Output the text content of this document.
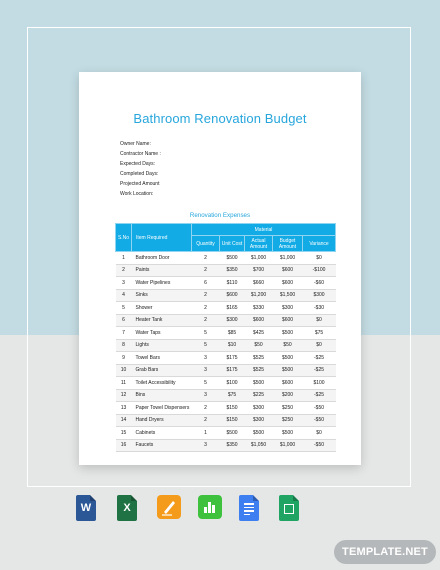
Bathroom Renovation Budget
Owner Name:
Contractor Name :
Expected Days:
Completed Days:
Projected Amount
Work Location:
Renovation Expenses
S.No	Item Required	Material				
		Quantity	Unit Cost	Actual Amount	Budget Amount	Variance
1	Bathroom Door	2	$500	$1,000	$1,000	$0
2	Paints	2	$350	$700	$600	-$100
3	Water Pipelines	6	$110	$660	$600	-$60
4	Sinks	2	$600	$1,200	$1,500	$300
5	Shower	2	$165	$330	$300	-$30
6	Heater Tank	2	$300	$600	$600	$0
7	Water Taps	5	$85	$425	$500	$75
8	Lights	5	$10	$50	$50	$0
9	Towel Bars	3	$175	$525	$500	-$25
10	Grab Bars	3	$175	$525	$500	-$25
11	Toilet Accessibility	5	$100	$500	$600	$100
12	Bins	3	$75	$225	$200	-$25
13	Paper Towel Dispensers	2	$150	$300	$250	-$50
14	Hand Dryers	2	$150	$300	$250	-$50
15	Cabinets	1	$500	$500	$500	$0
16	Faucets	3	$350	$1,050	$1,000	-$50
W	X
TEMPLATE.NET
